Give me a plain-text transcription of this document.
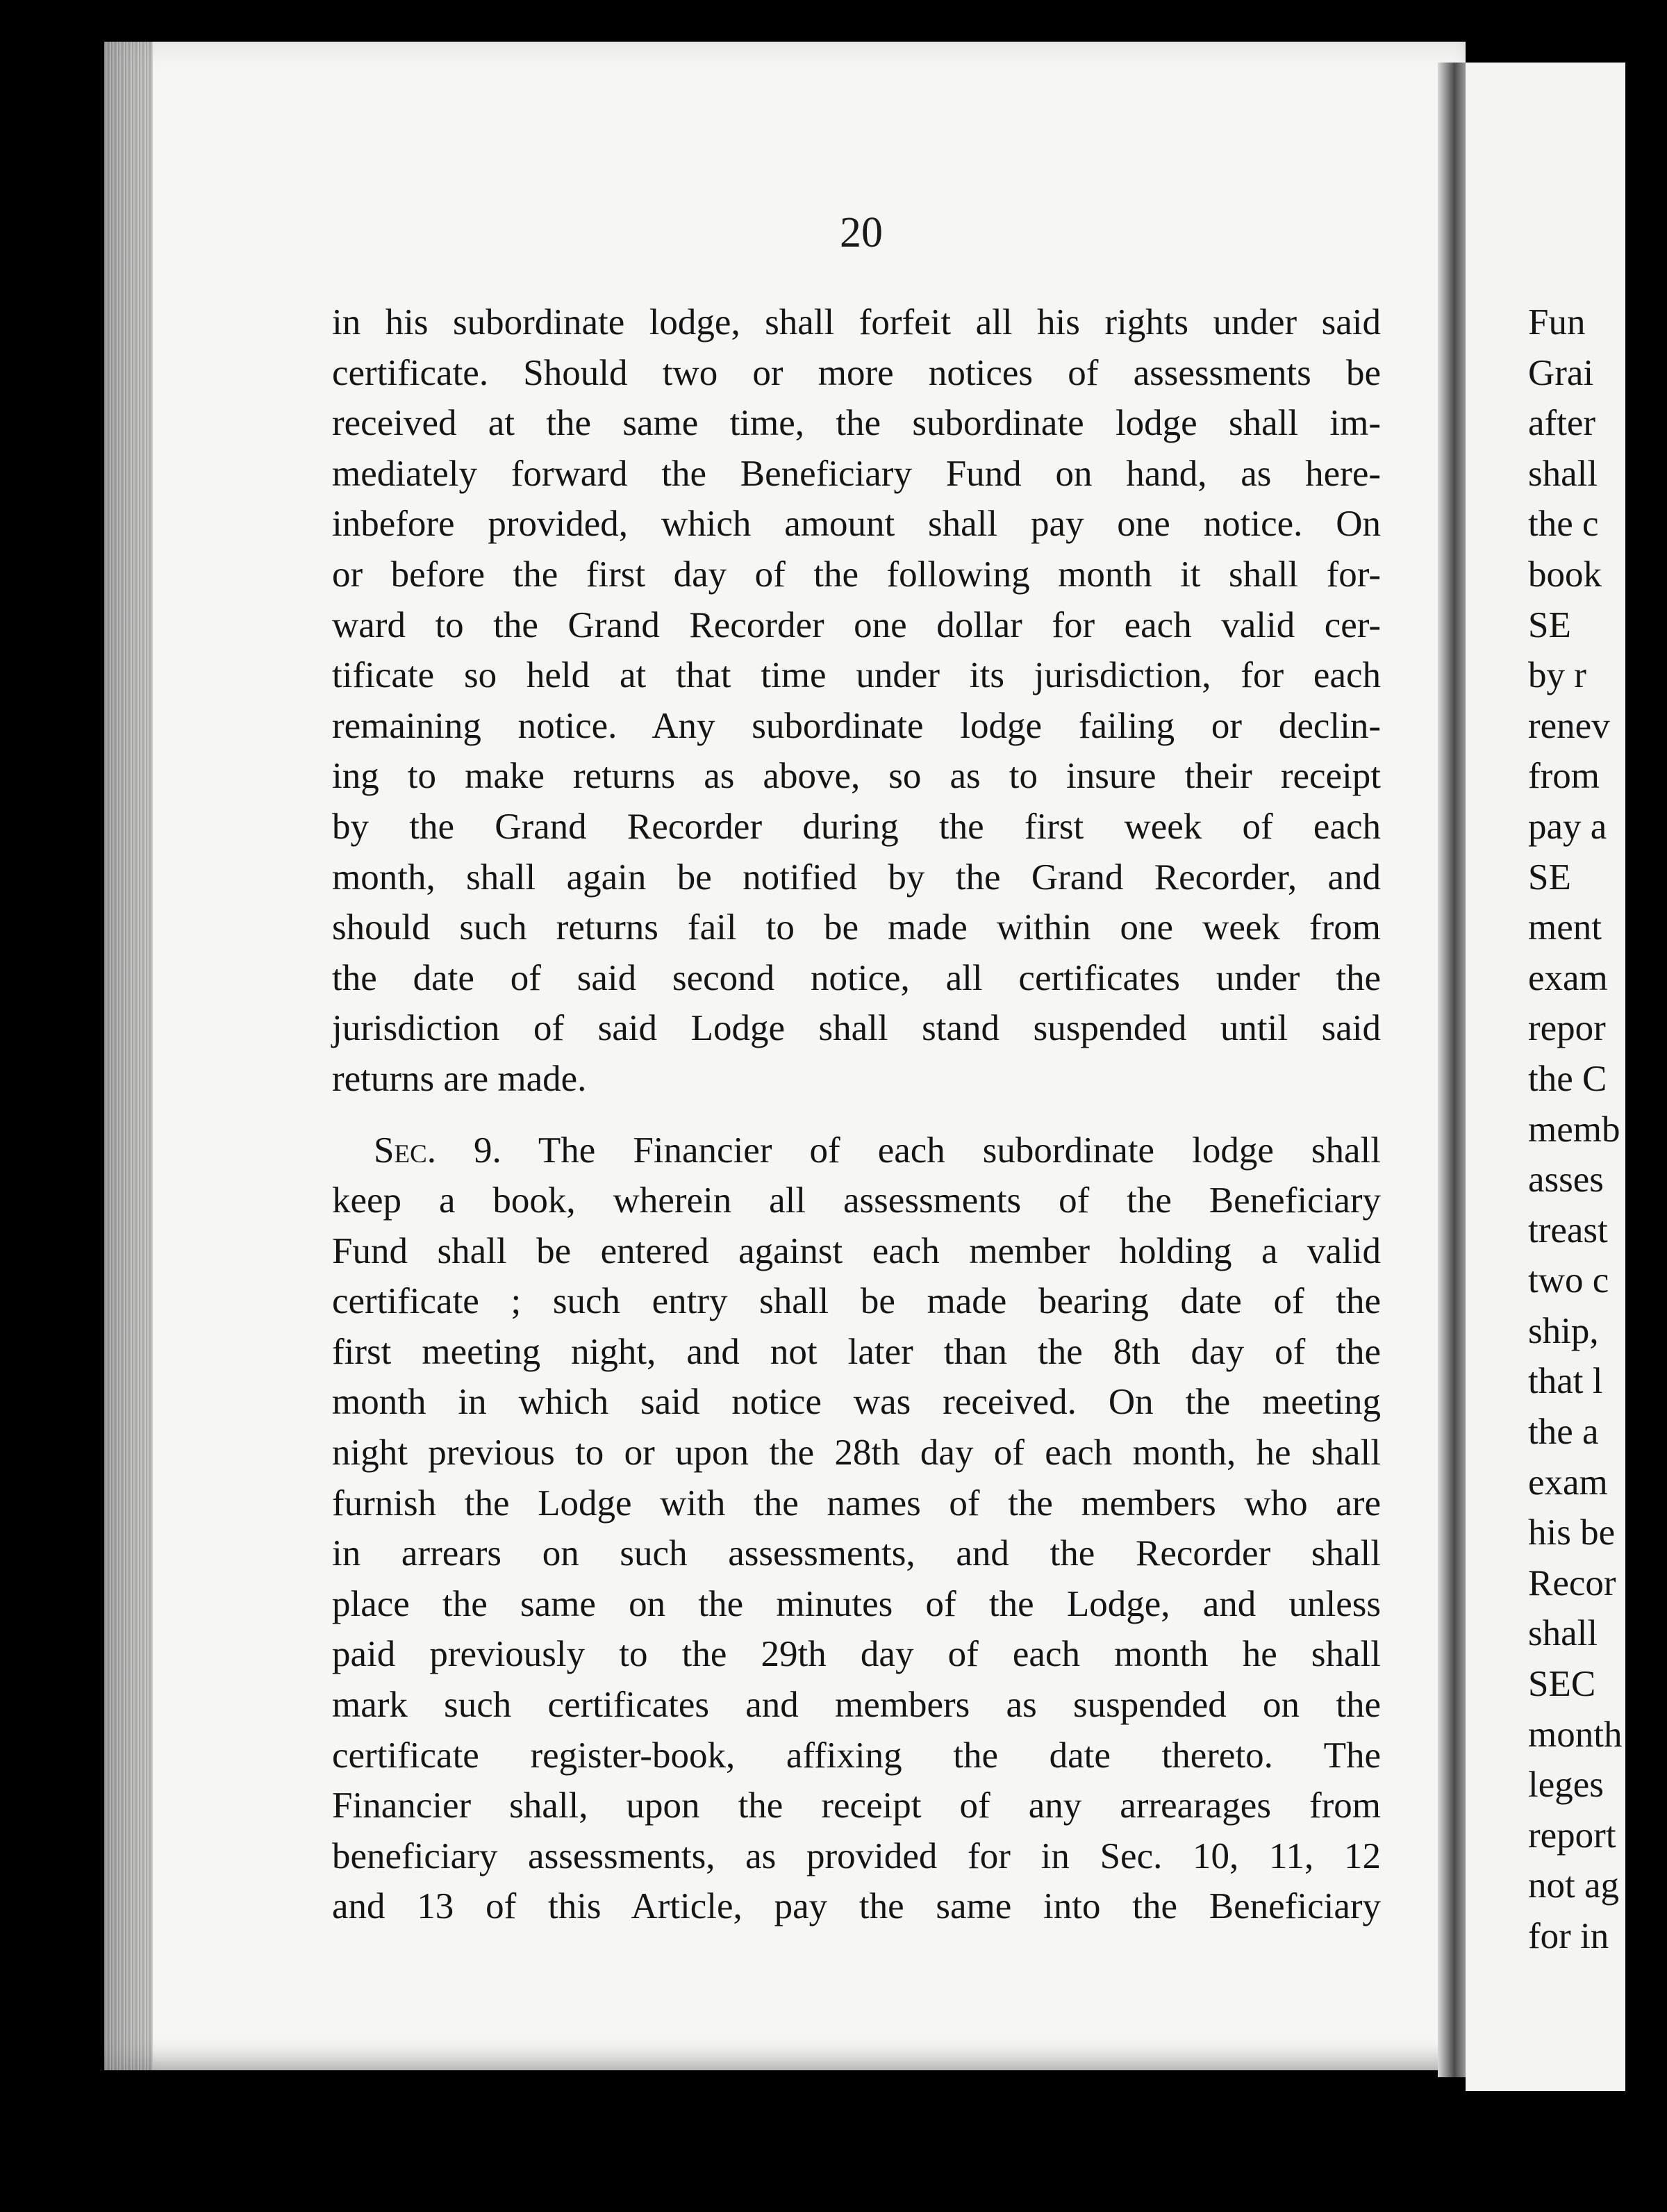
20
in his subordinate lodge, shall forfeit all his rights under said
certificate. Should two or more notices of assessments be
received at the same time, the subordinate lodge shall im-
mediately forward the Beneficiary Fund on hand, as here-
inbefore provided, which amount shall pay one notice. On
or before the first day of the following month it shall for-
ward to the Grand Recorder one dollar for each valid cer-
tificate so held at that time under its jurisdiction, for each
remaining notice. Any subordinate lodge failing or declin-
ing to make returns as above, so as to insure their receipt
by the Grand Recorder during the first week of each
month, shall again be notified by the Grand Recorder, and
should such returns fail to be made within one week from
the date of said second notice, all certificates under the
jurisdiction of said Lodge shall stand suspended until said
returns are made.
Sec. 9. The Financier of each subordinate lodge shall
keep a book, wherein all assessments of the Beneficiary
Fund shall be entered against each member holding a valid
certificate ; such entry shall be made bearing date of the
first meeting night, and not later than the 8th day of the
month in which said notice was received. On the meeting
night previous to or upon the 28th day of each month, he shall
furnish the Lodge with the names of the members who are
in arrears on such assessments, and the Recorder shall
place the same on the minutes of the Lodge, and unless
paid previously to the 29th day of each month he shall
mark such certificates and members as suspended on the
certificate register-book, affixing the date thereto. The
Financier shall, upon the receipt of any arrearages from
beneficiary assessments, as provided for in Sec. 10, 11, 12
and 13 of this Article, pay the same into the Beneficiary
Fun
Grai
after
shall
the c
book
SE
by r
renev
from
pay a
SE
ment
exam
repor
the C
memb
asses
treast
two c
ship,
that l
the a
exam
his be
Recor
shall
SEC
month
leges
report
not ag
for in
